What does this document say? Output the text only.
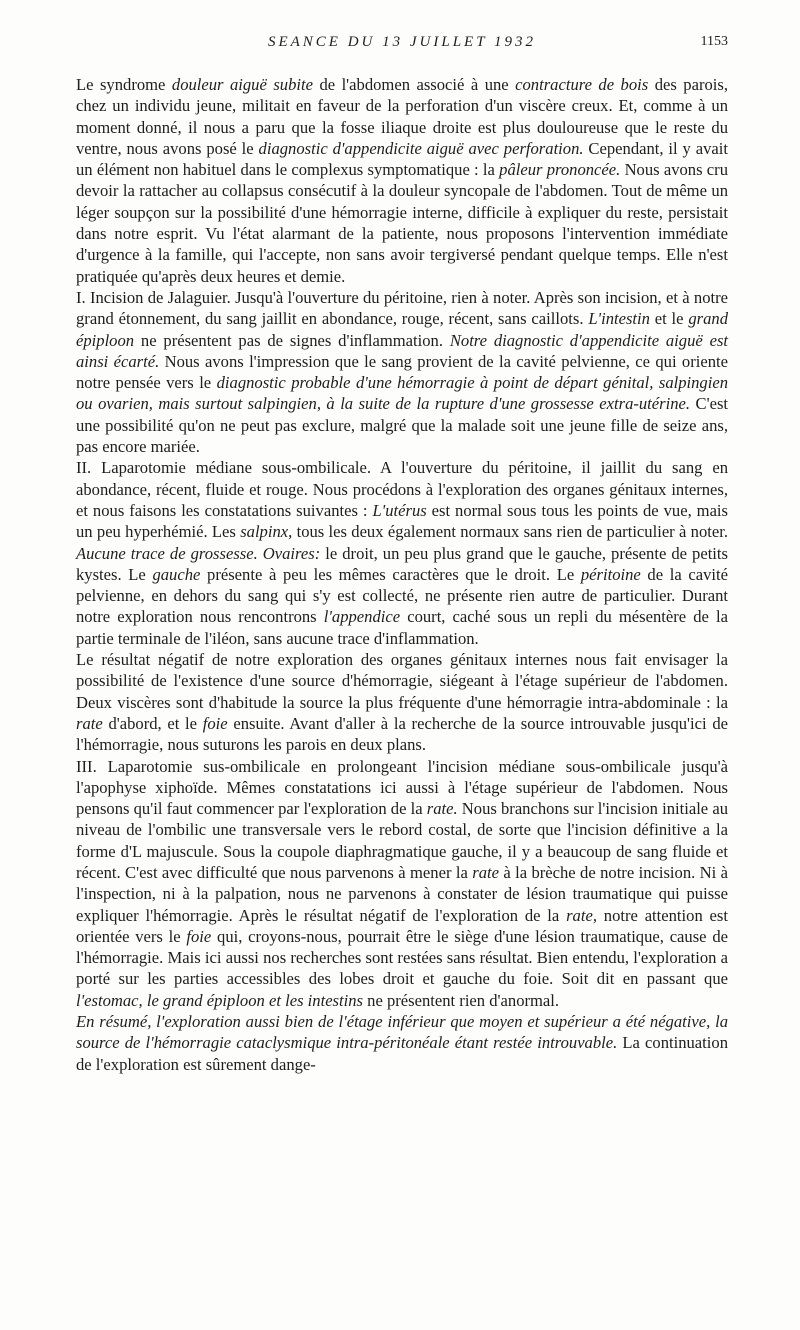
SEANCE DU 13 JUILLET 1932	1153

Le syndrome douleur aiguë subite de l'abdomen associé à une contracture de bois des parois, chez un individu jeune, militait en faveur de la perforation d'un viscère creux. Et, comme à un moment donné, il nous a paru que la fosse iliaque droite est plus douloureuse que le reste du ventre, nous avons posé le diagnostic d'appendicite aiguë avec perforation. Cependant, il y avait un élément non habituel dans le complexus symptomatique : la pâleur prononcée. Nous avons cru devoir la rattacher au collapsus consécutif à la douleur syncopale de l'abdomen. Tout de même un léger soupçon sur la possibilité d'une hémorragie interne, difficile à expliquer du reste, persistait dans notre esprit. Vu l'état alarmant de la patiente, nous proposons l'intervention immédiate d'urgence à la famille, qui l'accepte, non sans avoir tergiversé pendant quelque temps. Elle n'est pratiquée qu'après deux heures et demie.

I. Incision de Jalaguier. Jusqu'à l'ouverture du péritoine, rien à noter. Après son incision, et à notre grand étonnement, du sang jaillit en abondance, rouge, récent, sans caillots. L'intestin et le grand épiploon ne présentent pas de signes d'inflammation. Notre diagnostic d'appendicite aiguë est ainsi écarté. Nous avons l'impression que le sang provient de la cavité pelvienne, ce qui oriente notre pensée vers le diagnostic probable d'une hémorragie à point de départ génital, salpingien ou ovarien, mais surtout salpingien, à la suite de la rupture d'une grossesse extra-utérine. C'est une possibilité qu'on ne peut pas exclure, malgré que la malade soit une jeune fille de seize ans, pas encore mariée.

II. Laparotomie médiane sous-ombilicale. A l'ouverture du péritoine, il jaillit du sang en abondance, récent, fluide et rouge. Nous procédons à l'exploration des organes génitaux internes, et nous faisons les constatations suivantes : L'utérus est normal sous tous les points de vue, mais un peu hyperhémié. Les salpinx, tous les deux également normaux sans rien de particulier à noter. Aucune trace de grossesse. Ovaires: le droit, un peu plus grand que le gauche, présente de petits kystes. Le gauche présente à peu les mêmes caractères que le droit. Le péritoine de la cavité pelvienne, en dehors du sang qui s'y est collecté, ne présente rien autre de particulier. Durant notre exploration nous rencontrons l'appendice court, caché sous un repli du mésentère de la partie terminale de l'iléon, sans aucune trace d'inflammation.

Le résultat négatif de notre exploration des organes génitaux internes nous fait envisager la possibilité de l'existence d'une source d'hémorragie, siégeant à l'étage supérieur de l'abdomen. Deux viscères sont d'habitude la source la plus fréquente d'une hémorragie intra-abdominale : la rate d'abord, et le foie ensuite. Avant d'aller à la recherche de la source introuvable jusqu'ici de l'hémorragie, nous suturons les parois en deux plans.

III. Laparotomie sus-ombilicale en prolongeant l'incision médiane sous-ombilicale jusqu'à l'apophyse xiphoïde. Mêmes constatations ici aussi à l'étage supérieur de l'abdomen. Nous pensons qu'il faut commencer par l'exploration de la rate. Nous branchons sur l'incision initiale au niveau de l'ombilic une transversale vers le rebord costal, de sorte que l'incision définitive a la forme d'L majuscule. Sous la coupole diaphragmatique gauche, il y a beaucoup de sang fluide et récent. C'est avec difficulté que nous parvenons à mener la rate à la brèche de notre incision. Ni à l'inspection, ni à la palpation, nous ne parvenons à constater de lésion traumatique qui puisse expliquer l'hémorragie. Après le résultat négatif de l'exploration de la rate, notre attention est orientée vers le foie qui, croyons-nous, pourrait être le siège d'une lésion traumatique, cause de l'hémorragie. Mais ici aussi nos recherches sont restées sans résultat. Bien entendu, l'exploration a porté sur les parties accessibles des lobes droit et gauche du foie. Soit dit en passant que l'estomac, le grand épiploon et les intestins ne présentent rien d'anormal.

En résumé, l'exploration aussi bien de l'étage inférieur que moyen et supérieur a été négative, la source de l'hémorragie cataclysmique intra-péritonéale étant restée introuvable. La continuation de l'exploration est sûrement dange-
